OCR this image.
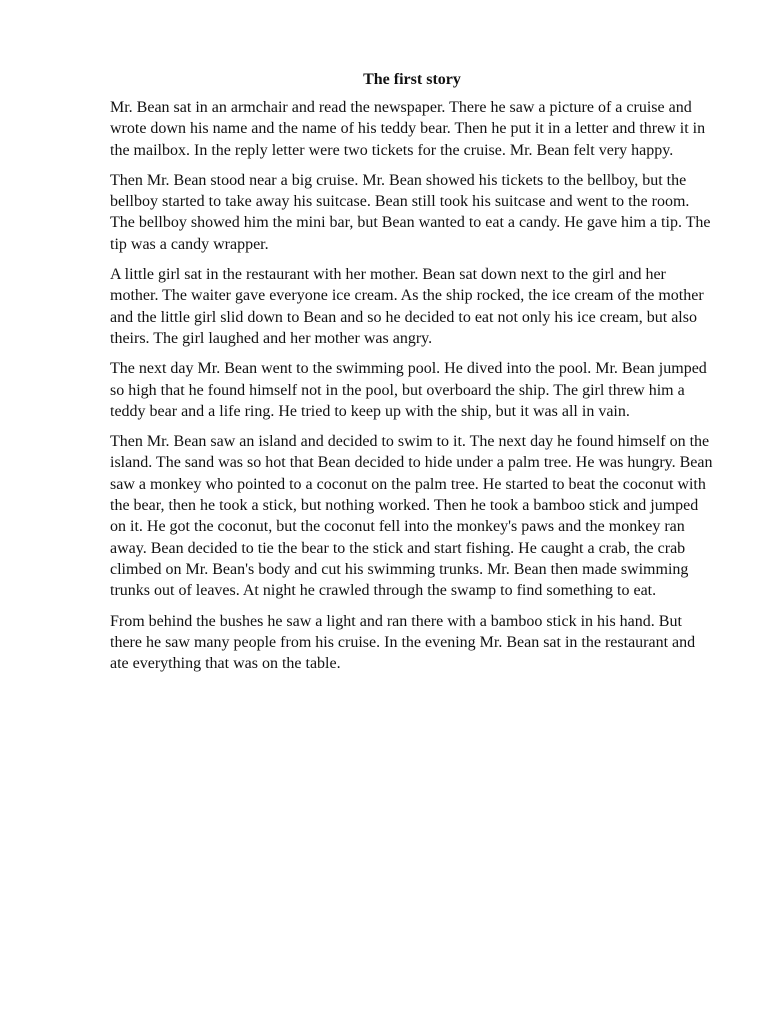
The first story

Mr. Bean sat in an armchair and read the newspaper. There he saw a picture of a cruise and wrote down his name and the name of his teddy bear. Then he put it in a letter and threw it in the mailbox. In the reply letter were two tickets for the cruise. Mr. Bean felt very happy.

Then Mr. Bean stood near a big cruise. Mr. Bean showed his tickets to the bellboy, but the bellboy started to take away his suitcase. Bean still took his suitcase and went to the room. The bellboy showed him the mini bar, but Bean wanted to eat a candy. He gave him a tip. The tip was a candy wrapper.

A little girl sat in the restaurant with her mother. Bean sat down next to the girl and her mother. The waiter gave everyone ice cream. As the ship rocked, the ice cream of the mother and the little girl slid down to Bean and so he decided to eat not only his ice cream, but also theirs. The girl laughed and her mother was angry.

The next day Mr. Bean went to the swimming pool. He dived into the pool. Mr. Bean jumped so high that he found himself not in the pool, but overboard the ship. The girl threw him a teddy bear and a life ring. He tried to keep up with the ship, but it was all in vain.

Then Mr. Bean saw an island and decided to swim to it. The next day he found himself on the island. The sand was so hot that Bean decided to hide under a palm tree. He was hungry. Bean saw a monkey who pointed to a coconut on the palm tree. He started to beat the coconut with the bear, then he took a stick, but nothing worked. Then he took a bamboo stick and jumped on it. He got the coconut, but the coconut fell into the monkey's paws and the monkey ran away. Bean decided to tie the bear to the stick and start fishing. He caught a crab, the crab climbed on Mr. Bean's body and cut his swimming trunks. Mr. Bean then made swimming trunks out of leaves. At night he crawled through the swamp to find something to eat.

From behind the bushes he saw a light and ran there with a bamboo stick in his hand. But there he saw many people from his cruise. In the evening Mr. Bean sat in the restaurant and ate everything that was on the table.
